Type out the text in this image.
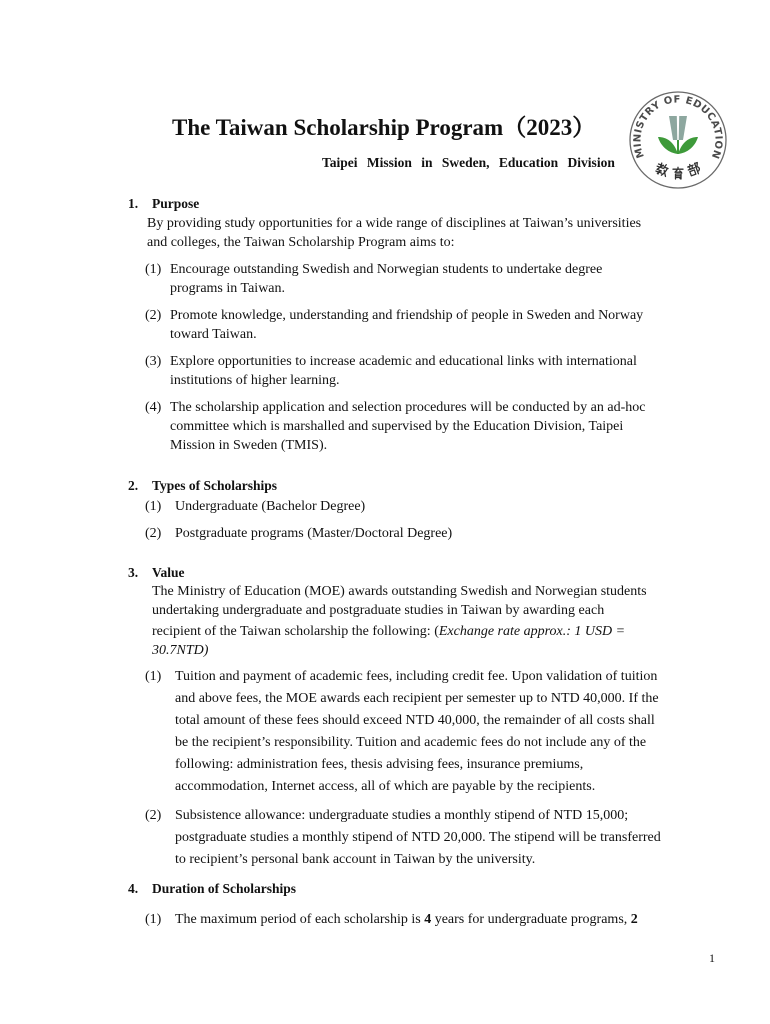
The Taiwan Scholarship Program（2023）
Taipei Mission in Sweden, Education Division
MINISTRY OF EDUCATION
1. Purpose
By providing study opportunities for a wide range of disciplines at Taiwan’s universities
and colleges, the Taiwan Scholarship Program aims to:
(1) Encourage outstanding Swedish and Norwegian students to undertake degree
programs in Taiwan.
(2) Promote knowledge, understanding and friendship of people in Sweden and Norway
toward Taiwan.
(3) Explore opportunities to increase academic and educational links with international
institutions of higher learning.
(4) The scholarship application and selection procedures will be conducted by an ad-hoc
committee which is marshalled and supervised by the Education Division, Taipei
Mission in Sweden (TMIS).
2. Types of Scholarships
(1) Undergraduate (Bachelor Degree)
(2) Postgraduate programs (Master/Doctoral Degree)
3. Value
The Ministry of Education (MOE) awards outstanding Swedish and Norwegian students
undertaking undergraduate and postgraduate studies in Taiwan by awarding each
recipient of the Taiwan scholarship the following: (Exchange rate approx.: 1 USD =
30.7NTD)
(1) Tuition and payment of academic fees, including credit fee. Upon validation of tuition
and above fees, the MOE awards each recipient per semester up to NTD 40,000. If the
total amount of these fees should exceed NTD 40,000, the remainder of all costs shall
be the recipient’s responsibility. Tuition and academic fees do not include any of the
following: administration fees, thesis advising fees, insurance premiums,
accommodation, Internet access, all of which are payable by the recipients.
(2) Subsistence allowance: undergraduate studies a monthly stipend of NTD 15,000;
postgraduate studies a monthly stipend of NTD 20,000. The stipend will be transferred
to recipient’s personal bank account in Taiwan by the university.
4. Duration of Scholarships
(1) The maximum period of each scholarship is 4 years for undergraduate programs, 2
1
